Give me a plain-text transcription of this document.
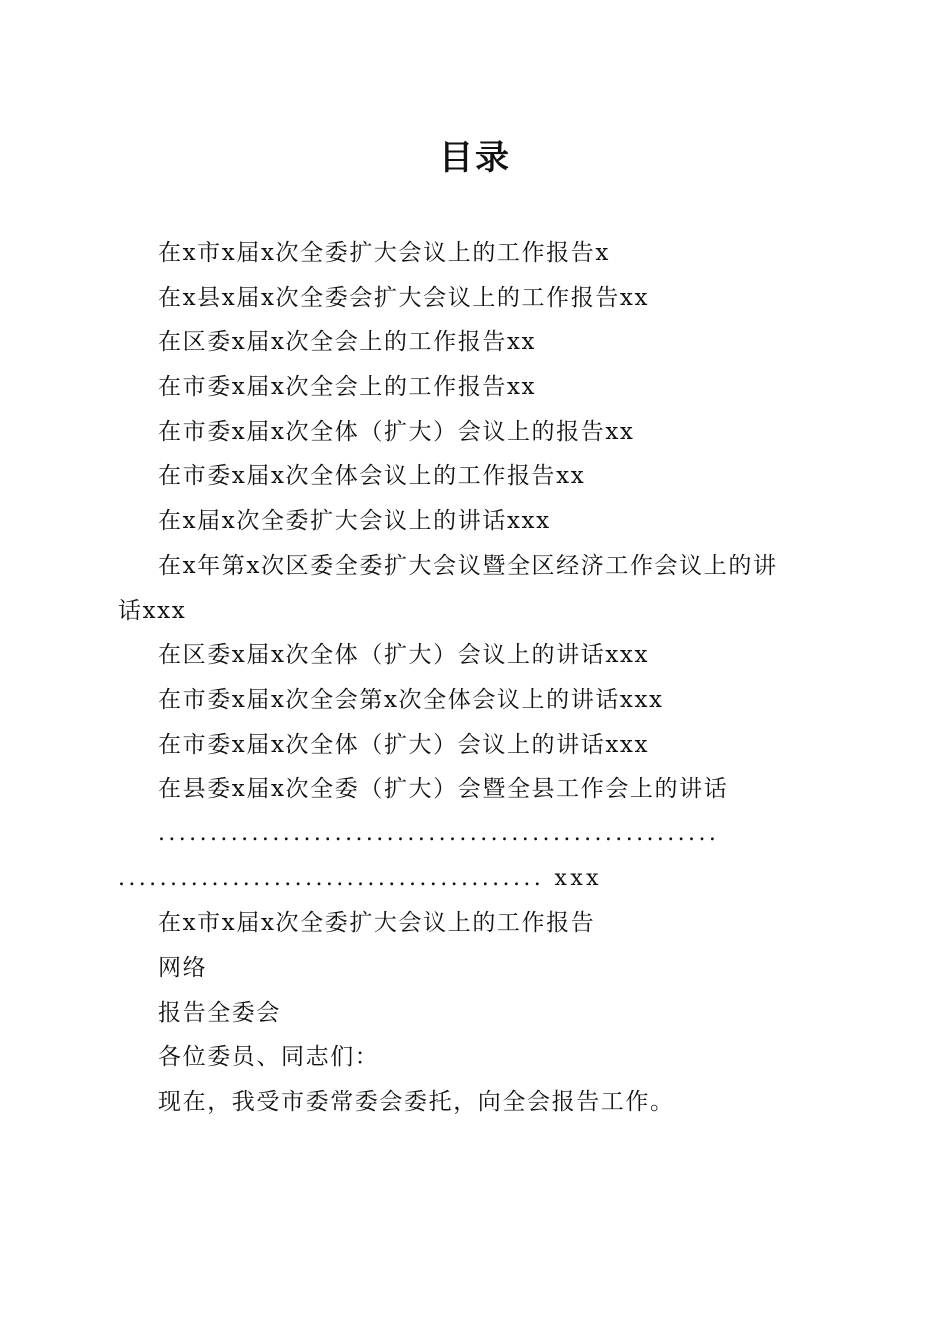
目录
在x市x届x次全委扩大会议上的工作报告x
在x县x届x次全委会扩大会议上的工作报告xx
在区委x届x次全会上的工作报告xx
在市委x届x次全会上的工作报告xx
在市委x届x次全体（扩大）会议上的报告xx
在市委x届x次全体会议上的工作报告xx
在x届x次全委扩大会议上的讲话xxx
在x年第x次区委全委扩大会议暨全区经济工作会议上的讲
话xxx
在区委x届x次全体（扩大）会议上的讲话xxx
在市委x届x次全会第x次全体会议上的讲话xxx
在市委x届x次全体（扩大）会议上的讲话xxx
在县委x届x次全委（扩大）会暨全县工作会上的讲话
......................................................
......................................... xxx
在x市x届x次全委扩大会议上的工作报告
网络
报告全委会
各位委员、同志们：
现在，我受市委常委会委托，向全会报告工作。
